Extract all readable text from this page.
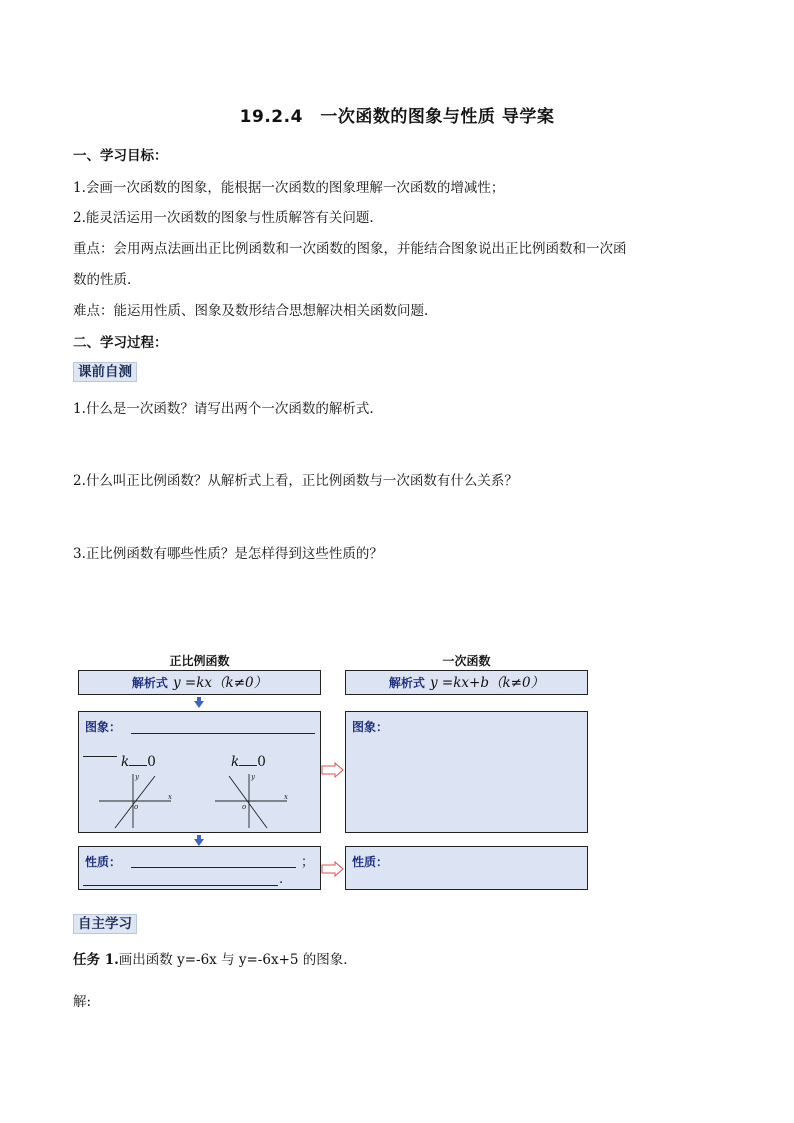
19.2.4　一次函数的图象与性质 导学案
一、学习目标：
1.会画一次函数的图象，能根据一次函数的图象理解一次函数的增减性；
2.能灵活运用一次函数的图象与性质解答有关问题.
重点：会用两点法画出正比例函数和一次函数的图象，并能结合图象说出正比例函数和一次函
数的性质.
难点：能运用性质、图象及数形结合思想解决相关函数问题.
二、学习过程：
课前自测
1.什么是一次函数？请写出两个一次函数的解析式.
2.什么叫正比例函数？从解析式上看，正比例函数与一次函数有什么关系？
3.正比例函数有哪些性质？是怎样得到这些性质的？
正比例函数	一次函数
解析式 y =kx（k≠0）	解析式 y =kx+b（k≠0）
图象：
k 0	k 0
x
y
o
x
y
o
图象：
性质：	；
.
性质：
自主学习
任务 1.画出函数 y=-6x 与 y=-6x+5 的图象.
解:
